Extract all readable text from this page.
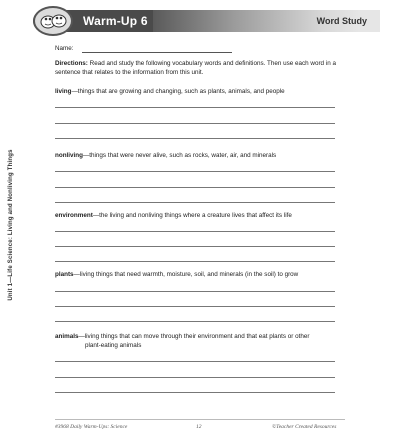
Warm-Up 6	Word Study
Unit 1—Life Science: Living and Nonliving Things
Name:
Directions: Read and study the following vocabulary words and definitions. Then use each word in a sentence that relates to the information from this unit.
living—things that are growing and changing, such as plants, animals, and people
nonliving—things that were never alive, such as rocks, water, air, and minerals
environment—the living and nonliving things where a creature lives that affect its life
plants—living things that need warmth, moisture, soil, and minerals (in the soil) to grow
animals—living things that can move through their environment and that eat plants or other
plant-eating animals
#3968 Daily Warm-Ups: Science	12	©Teacher Created Resources
